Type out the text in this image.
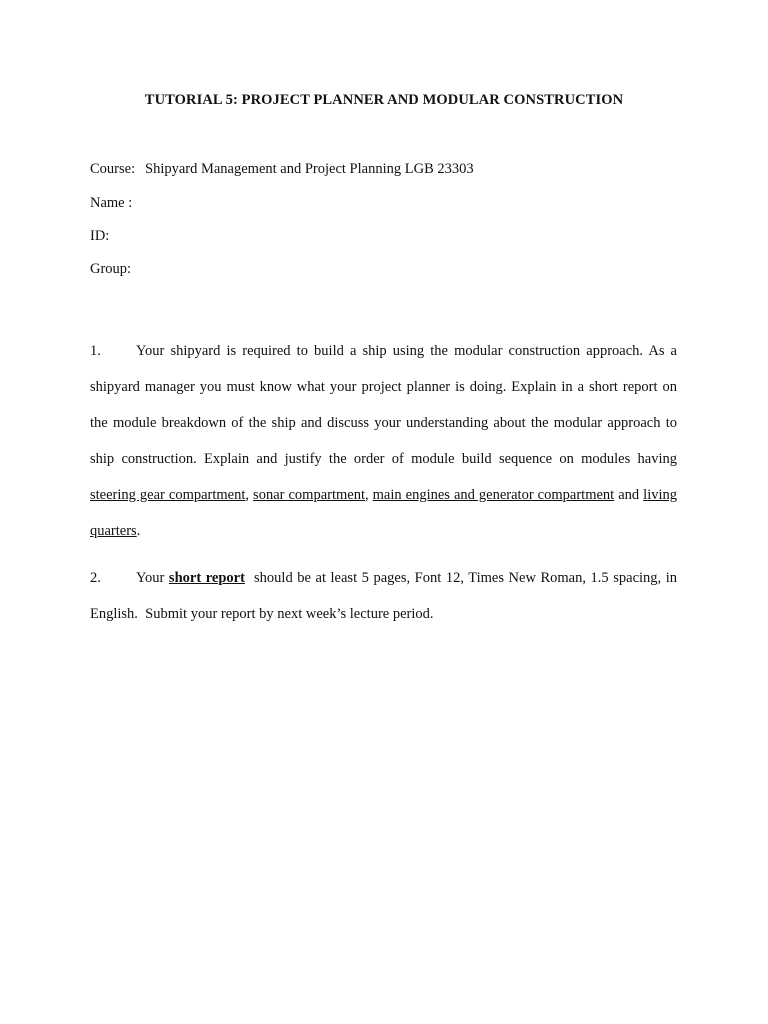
TUTORIAL 5: PROJECT PLANNER AND MODULAR CONSTRUCTION
Course: Shipyard Management and Project Planning LGB 23303
Name :
ID:
Group:
1. Your shipyard is required to build a ship using the modular construction approach. As a shipyard manager you must know what your project planner is doing. Explain in a short report on the module breakdown of the ship and discuss your understanding about the modular approach to ship construction. Explain and justify the order of module build sequence on modules having steering gear compartment, sonar compartment, main engines and generator compartment and living quarters.
2. Your short report  should be at least 5 pages, Font 12, Times New Roman, 1.5 spacing, in English.  Submit your report by next week’s lecture period.
